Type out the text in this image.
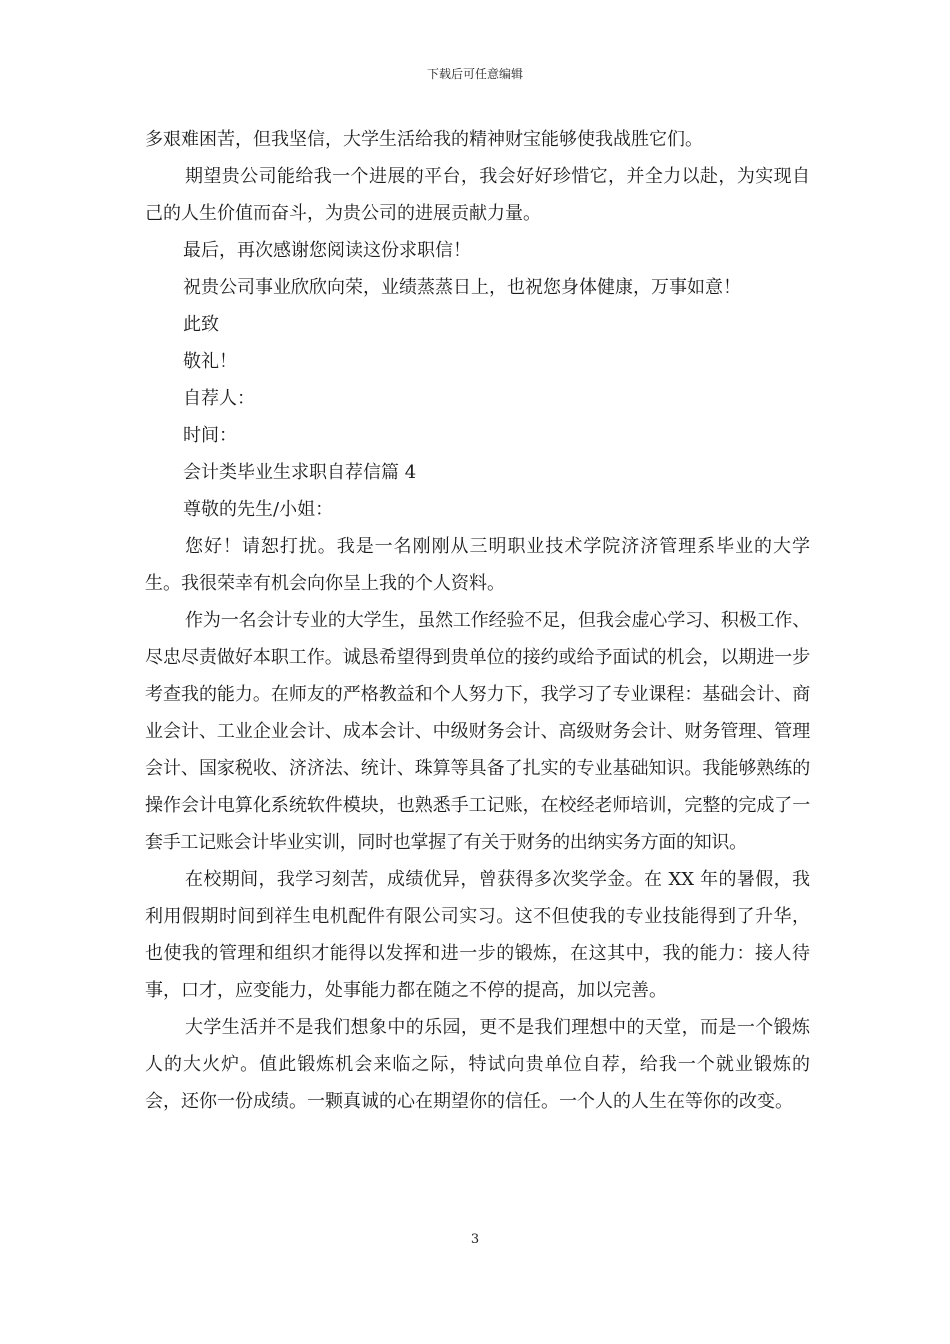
下载后可任意编辑

多艰难困苦，但我坚信，大学生活给我的精神财宝能够使我战胜它们。

期望贵公司能给我一个进展的平台，我会好好珍惜它，并全力以赴，为实现自己的人生价值而奋斗，为贵公司的进展贡献力量。

最后，再次感谢您阅读这份求职信！

祝贵公司事业欣欣向荣，业绩蒸蒸日上，也祝您身体健康，万事如意！

此致

敬礼！

自荐人：

时间：

会计类毕业生求职自荐信篇 4

尊敬的先生/小姐：

您好！请恕打扰。我是一名刚刚从三明职业技术学院济济管理系毕业的大学生。我很荣幸有机会向你呈上我的个人资料。

作为一名会计专业的大学生，虽然工作经验不足，但我会虚心学习、积极工作、尽忠尽责做好本职工作。诚恳希望得到贵单位的接约或给予面试的机会，以期进一步考查我的能力。在师友的严格教益和个人努力下，我学习了专业课程：基础会计、商业会计、工业企业会计、成本会计、中级财务会计、高级财务会计、财务管理、管理会计、国家税收、济济法、统计、珠算等具备了扎实的专业基础知识。我能够熟练的操作会计电算化系统软件模块，也熟悉手工记账，在校经老师培训，完整的完成了一套手工记账会计毕业实训，同时也掌握了有关于财务的出纳实务方面的知识。

在校期间，我学习刻苦，成绩优异，曾获得多次奖学金。在 XX 年的暑假，我利用假期时间到祥生电机配件有限公司实习。这不但使我的专业技能得到了升华，也使我的管理和组织才能得以发挥和进一步的锻炼，在这其中，我的能力：接人待事，口才，应变能力，处事能力都在随之不停的提高，加以完善。

大学生活并不是我们想象中的乐园，更不是我们理想中的天堂，而是一个锻炼人的大火炉。值此锻炼机会来临之际，特试向贵单位自荐，给我一个就业锻炼的会，还你一份成绩。一颗真诚的心在期望你的信任。一个人的人生在等你的改变。

3
